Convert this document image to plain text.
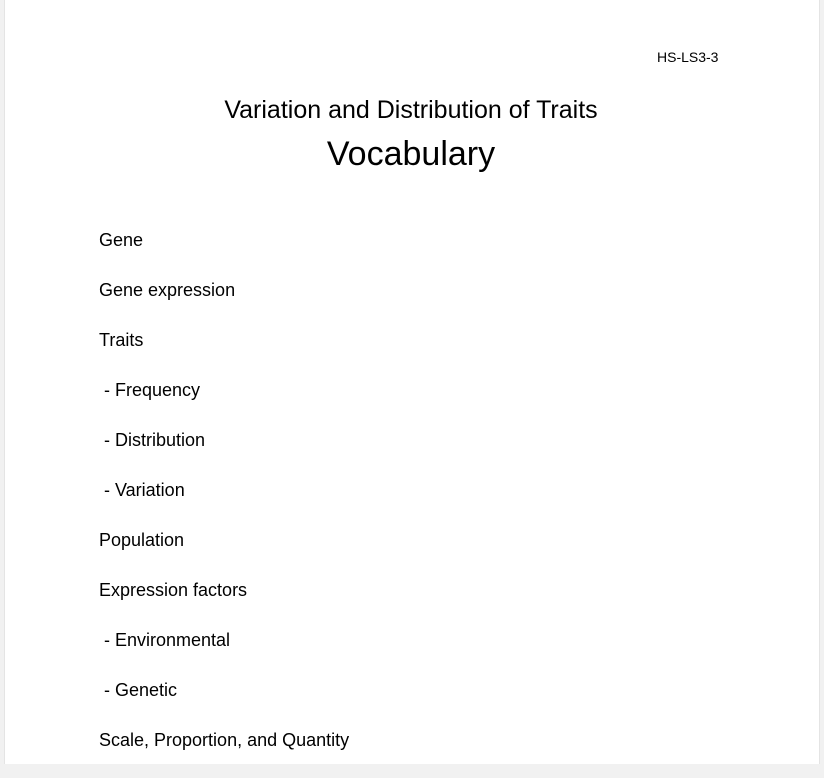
HS-LS3-3
Variation and Distribution of Traits
Vocabulary
Gene
Gene expression
Traits
- Frequency
- Distribution
- Variation
Population
Expression factors
- Environmental
- Genetic
Scale, Proportion, and Quantity
